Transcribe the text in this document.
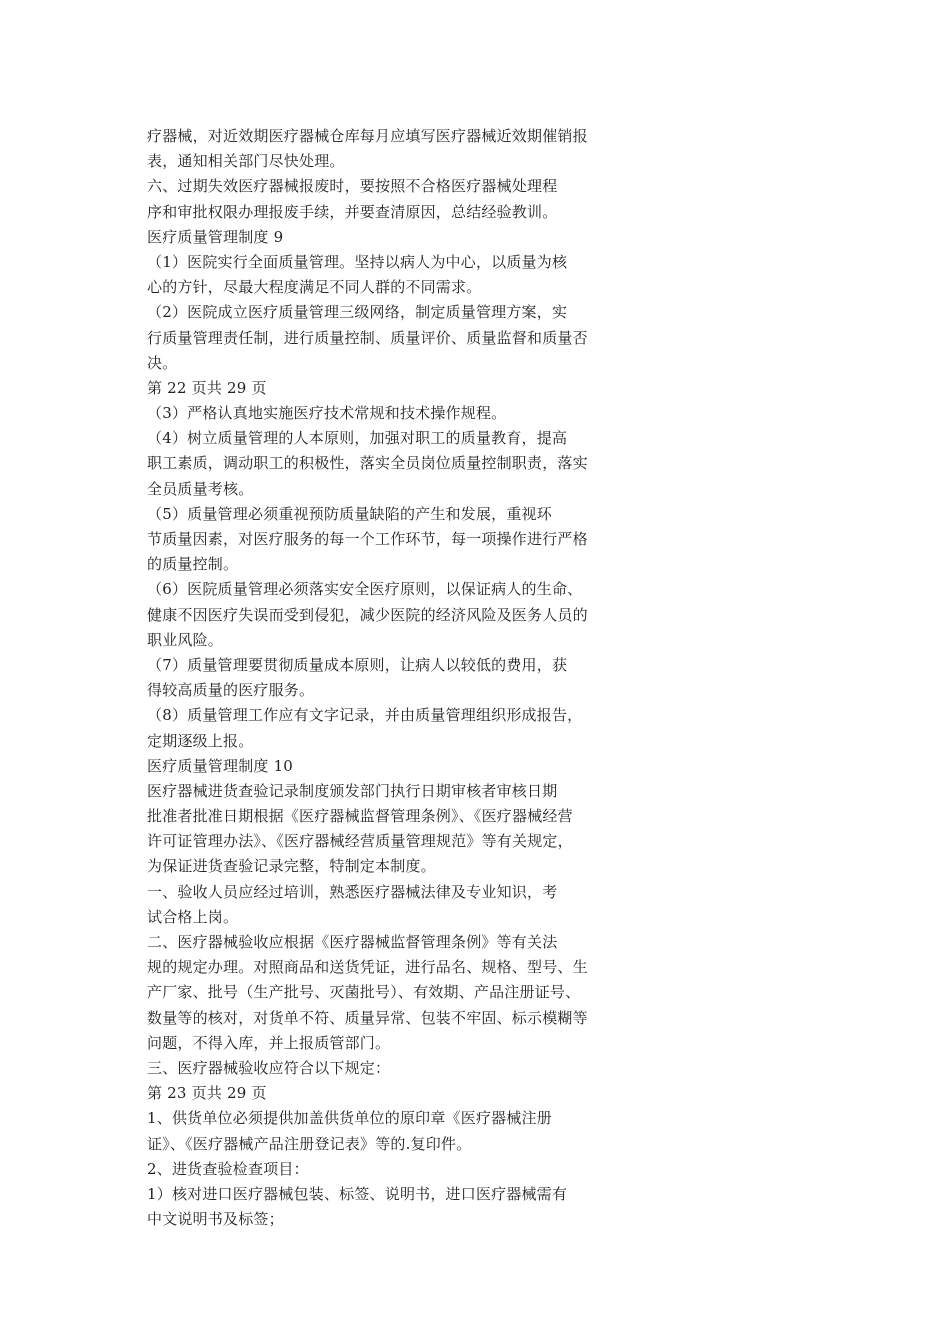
疗器械，对近效期医疗器械仓库每月应填写医疗器械近效期催销报
表，通知相关部门尽快处理。
六、过期失效医疗器械报废时，要按照不合格医疗器械处理程
序和审批权限办理报废手续，并要查清原因，总结经验教训。
医疗质量管理制度 9
（1）医院实行全面质量管理。坚持以病人为中心，以质量为核
心的方针，尽最大程度满足不同人群的不同需求。
（2）医院成立医疗质量管理三级网络，制定质量管理方案，实
行质量管理责任制，进行质量控制、质量评价、质量监督和质量否
决。
第 22 页共 29 页
（3）严格认真地实施医疗技术常规和技术操作规程。
（4）树立质量管理的人本原则，加强对职工的质量教育，提高
职工素质，调动职工的积极性，落实全员岗位质量控制职责，落实
全员质量考核。
（5）质量管理必须重视预防质量缺陷的产生和发展，重视环
节质量因素，对医疗服务的每一个工作环节，每一项操作进行严格
的质量控制。
（6）医院质量管理必须落实安全医疗原则，以保证病人的生命、
健康不因医疗失误而受到侵犯，减少医院的经济风险及医务人员的
职业风险。
（7）质量管理要贯彻质量成本原则，让病人以较低的费用，获
得较高质量的医疗服务。
（8）质量管理工作应有文字记录，并由质量管理组织形成报告，
定期逐级上报。
医疗质量管理制度 10
医疗器械进货查验记录制度颁发部门执行日期审核者审核日期
批准者批准日期根据《医疗器械监督管理条例》、《医疗器械经营
许可证管理办法》、《医疗器械经营质量管理规范》等有关规定，
为保证进货查验记录完整，特制定本制度。
一、验收人员应经过培训，熟悉医疗器械法律及专业知识，考
试合格上岗。
二、医疗器械验收应根据《医疗器械监督管理条例》等有关法
规的规定办理。对照商品和送货凭证，进行品名、规格、型号、生
产厂家、批号（生产批号、灭菌批号）、有效期、产品注册证号、
数量等的核对，对货单不符、质量异常、包装不牢固、标示模糊等
问题，不得入库，并上报质管部门。
三、医疗器械验收应符合以下规定：
第 23 页共 29 页
1、供货单位必须提供加盖供货单位的原印章《医疗器械注册
证》、《医疗器械产品注册登记表》等的.复印件。
2、进货查验检查项目：
1）核对进口医疗器械包装、标签、说明书，进口医疗器械需有
中文说明书及标签；
